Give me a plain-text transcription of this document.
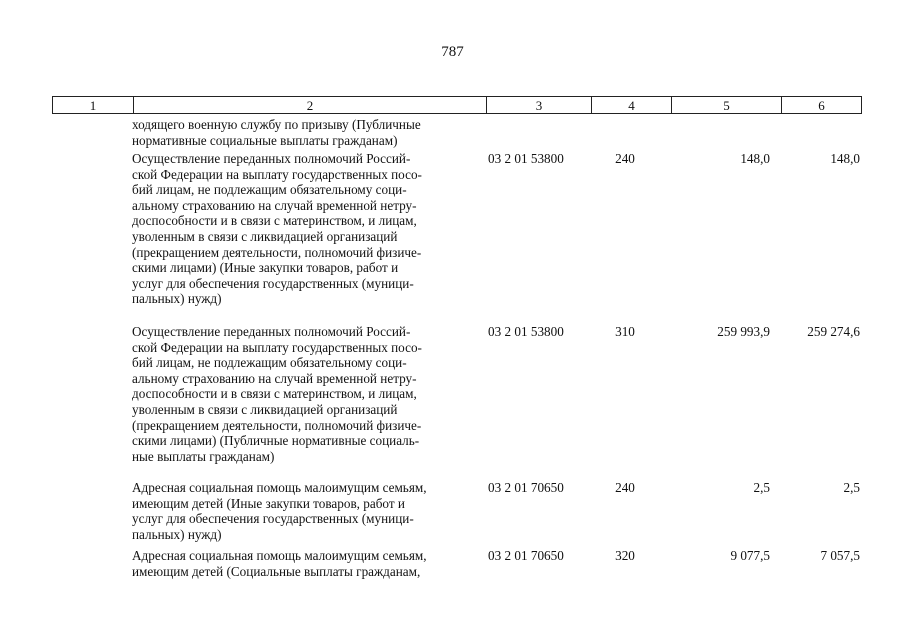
787
1	2	3	4	5	6
ходящего военную службу по призыву (Публичные
нормативные социальные выплаты гражданам)
Осуществление переданных полномочий Россий-
ской Федерации на выплату государственных посо-
бий лицам, не подлежащим обязательному соци-
альному страхованию на случай временной нетру-
доспособности и в связи с материнством, и лицам,
уволенным в связи с ликвидацией организаций
(прекращением деятельности, полномочий физиче-
скими лицами) (Иные закупки товаров, работ и
услуг для обеспечения государственных (муници-
пальных) нужд)
03 2 01 53800	240	148,0	148,0
Осуществление переданных полномочий Россий-
ской Федерации на выплату государственных посо-
бий лицам, не подлежащим обязательному соци-
альному страхованию на случай временной нетру-
доспособности и в связи с материнством, и лицам,
уволенным в связи с ликвидацией организаций
(прекращением деятельности, полномочий физиче-
скими лицами) (Публичные нормативные социаль-
ные выплаты гражданам)
03 2 01 53800	310	259 993,9	259 274,6
Адресная социальная помощь малоимущим семьям,
имеющим детей (Иные закупки товаров, работ и
услуг для обеспечения государственных (муници-
пальных) нужд)
03 2 01 70650	240	2,5	2,5
Адресная социальная помощь малоимущим семьям,
имеющим детей (Социальные выплаты гражданам,
03 2 01 70650	320	9 077,5	7 057,5
